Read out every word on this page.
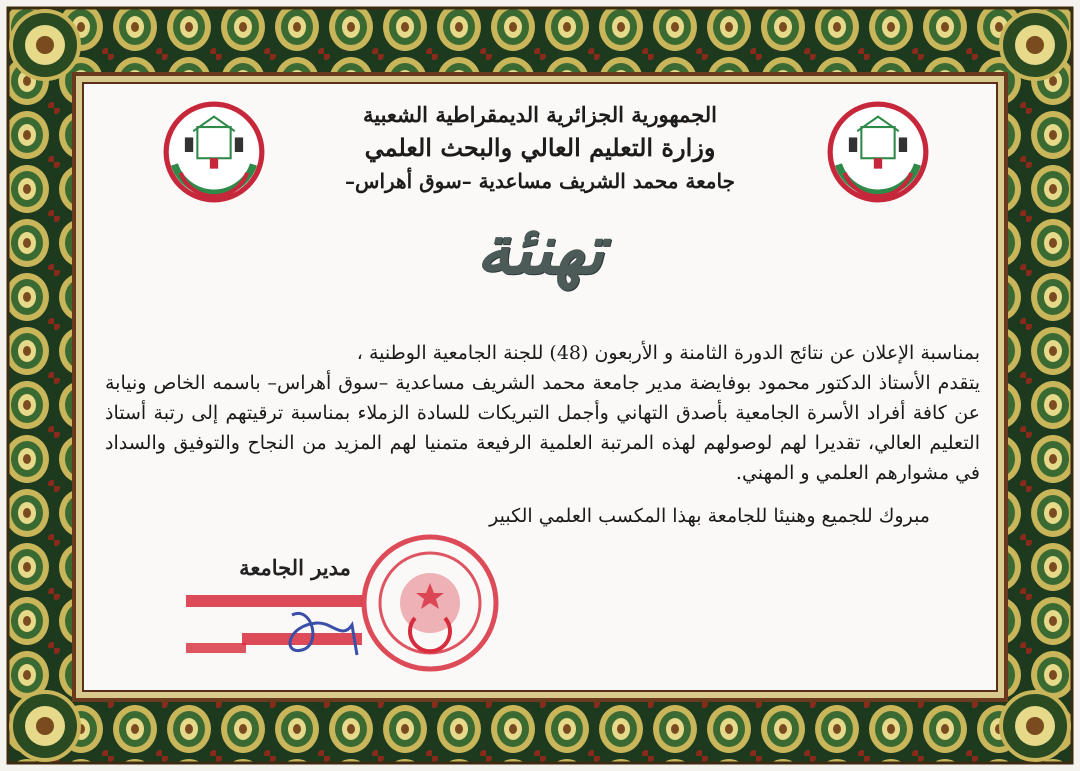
الجمهورية الجزائرية الديمقراطية الشعبية
وزارة التعليم العالي والبحث العلمي
جامعة محمد الشريف مساعدية –سوق أهراس–
تهنئة

بمناسبة الإعلان عن نتائج الدورة الثامنة و الأربعون (48) للجنة الجامعية الوطنية ،

يتقدم الأستاذ الدكتور محمود بوفايضة مدير جامعة محمد الشريف مساعدية –سوق أهراس– باسمه الخاص ونيابة عن كافة أفراد الأسرة الجامعية بأصدق التهاني وأجمل التبريكات للسادة الزملاء بمناسبة ترقيتهم إلى رتبة أستاذ التعليم العالي، تقديرا لهم لوصولهم لهذه المرتبة العلمية الرفيعة متمنيا لهم المزيد من النجاح والتوفيق والسداد في مشوارهم العلمي و المهني.

مبروك للجميع وهنيئا للجامعة بهذا المكسب العلمي الكبير
مدير الجامعة
